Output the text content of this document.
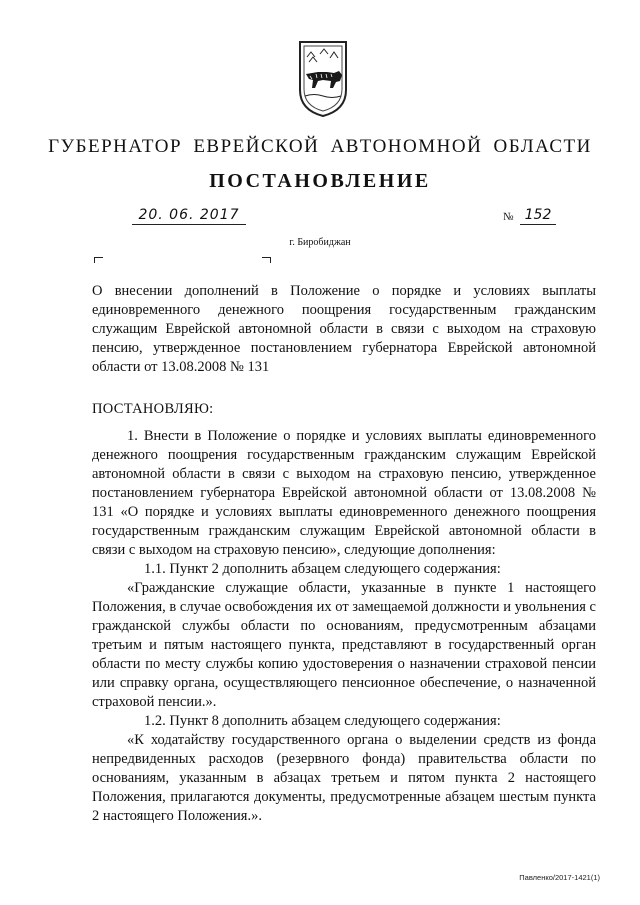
ГУБЕРНАТОР ЕВРЕЙСКОЙ АВТОНОМНОЙ ОБЛАСТИ
ПОСТАНОВЛЕНИЕ
20. 06. 2017	№ 152
г. Биробиджан
О внесении дополнений в Положение о порядке и условиях выплаты единовременного денежного поощрения государственным гражданским служащим Еврейской автономной области в связи с выходом на страховую пенсию, утвержденное постановлением губернатора Еврейской автономной области от 13.08.2008 № 131
ПОСТАНОВЛЯЮ:

1. Внести в Положение о порядке и условиях выплаты единовременного денежного поощрения государственным гражданским служащим Еврейской автономной области в связи с выходом на страховую пенсию, утвержденное постановлением губернатора Еврейской автономной области от 13.08.2008 № 131 «О порядке и условиях выплаты единовременного денежного поощрения государственным гражданским служащим Еврейской автономной области в связи с выходом на страховую пенсию», следующие дополнения:

1.1. Пункт 2 дополнить абзацем следующего содержания:

«Гражданские служащие области, указанные в пункте 1 настоящего Положения, в случае освобождения их от замещаемой должности и увольнения с гражданской службы области по основаниям, предусмотренным абзацами третьим и пятым настоящего пункта, представляют в государственный орган области по месту службы копию удостоверения о назначении страховой пенсии или справку органа, осуществляющего пенсионное обеспечение, о назначенной страховой пенсии.».

1.2. Пункт 8 дополнить абзацем следующего содержания:

«К ходатайству государственного органа о выделении средств из фонда непредвиденных расходов (резервного фонда) правительства области по основаниям, указанным в абзацах третьем и пятом пункта 2 настоящего Положения, прилагаются документы, предусмотренные абзацем шестым пункта 2 настоящего Положения.».

Павленко/2017-1421(1)
